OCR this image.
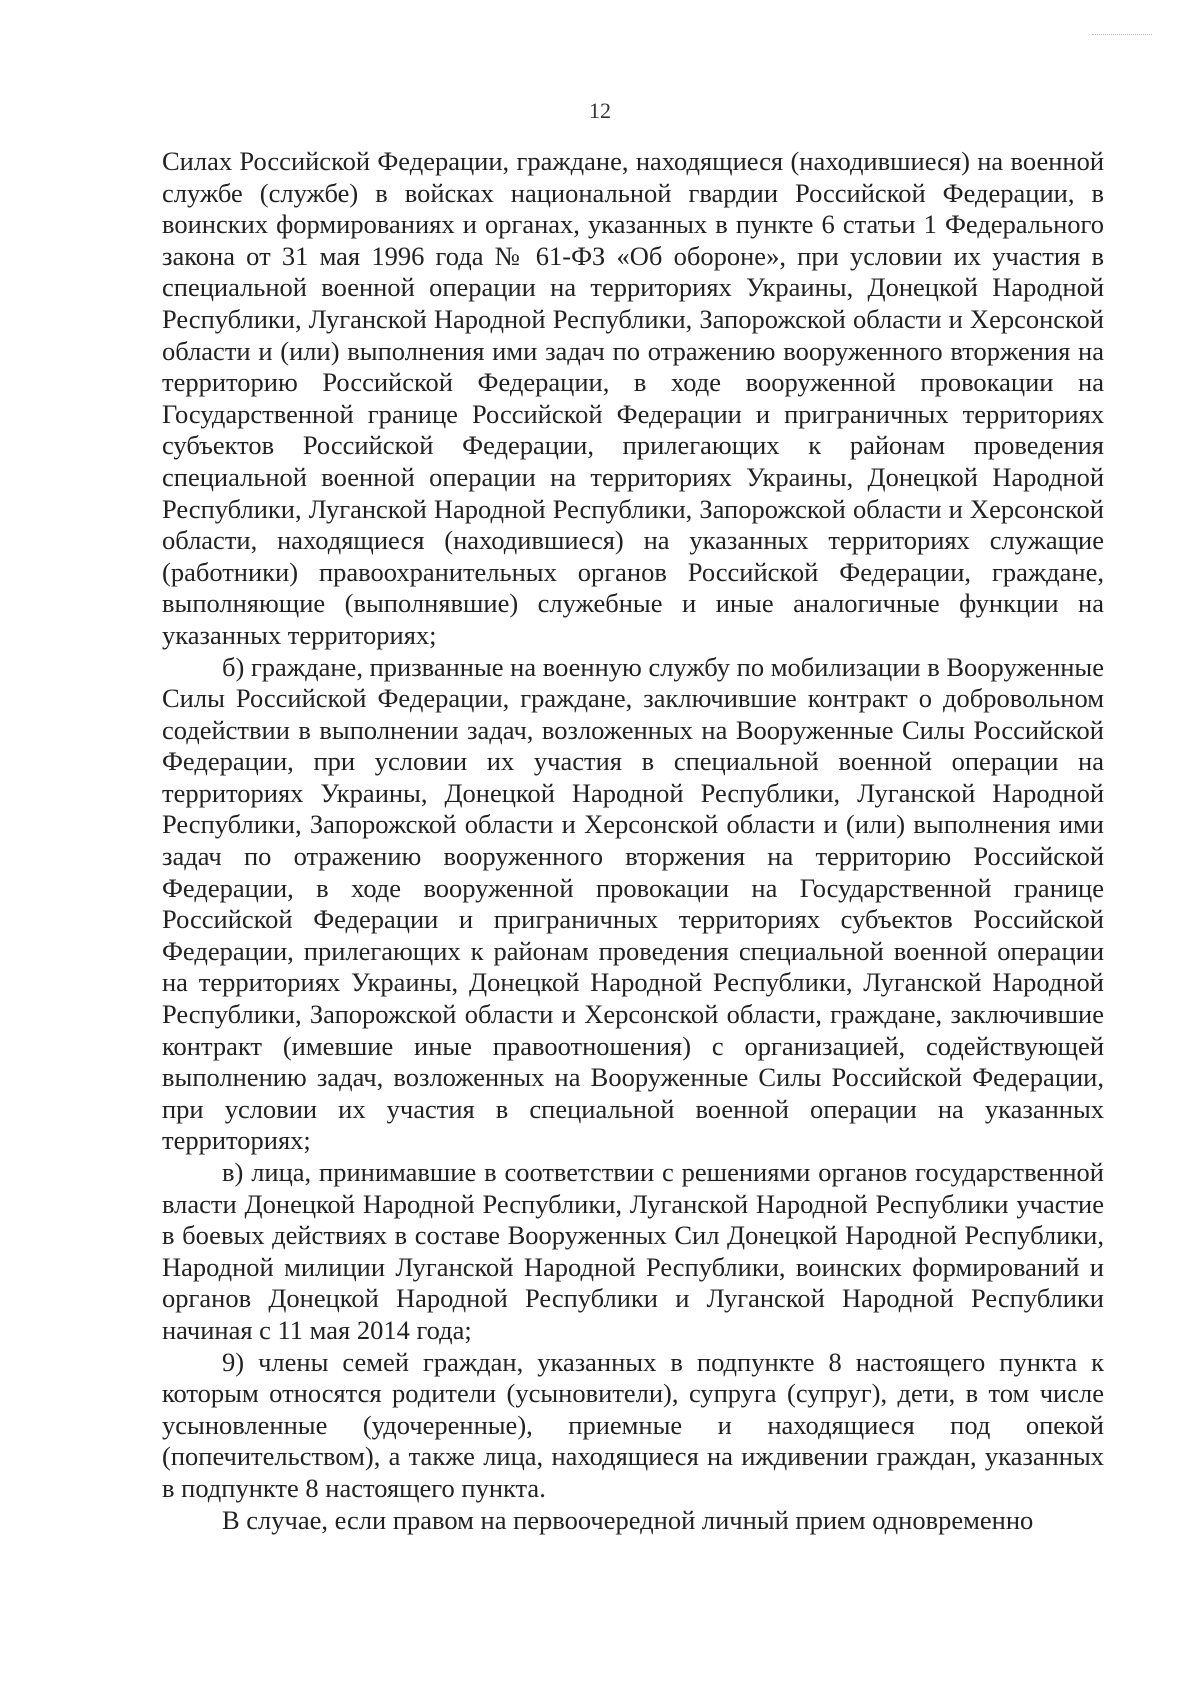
12

Силах Российской Федерации, граждане, находящиеся (находившиеся) на военной службе (службе) в войсках национальной гвардии Российской Федерации, в воинских формированиях и органах, указанных в пункте 6 статьи 1 Федерального закона от 31 мая 1996 года № 61-ФЗ «Об обороне», при условии их участия в специальной военной операции на территориях Украины, Донецкой Народной Республики, Луганской Народной Республики, Запорожской области и Херсонской области и (или) выполнения ими задач по отражению вооруженного вторжения на территорию Российской Федерации, в ходе вооруженной провокации на Государственной границе Российской Федерации и приграничных территориях субъектов Российской Федерации, прилегающих к районам проведения специальной военной операции на территориях Украины, Донецкой Народной Республики, Луганской Народной Республики, Запорожской области и Херсонской области, находящиеся (находившиеся) на указанных территориях служащие (работники) правоохранительных органов Российской Федерации, граждане, выполняющие (выполнявшие) служебные и иные аналогичные функции на указанных территориях;

б) граждане, призванные на военную службу по мобилизации в Вооруженные Силы Российской Федерации, граждане, заключившие контракт о добровольном содействии в выполнении задач, возложенных на Вооруженные Силы Российской Федерации, при условии их участия в специальной военной операции на территориях Украины, Донецкой Народной Республики, Луганской Народной Республики, Запорожской области и Херсонской области и (или) выполнения ими задач по отражению вооруженного вторжения на территорию Российской Федерации, в ходе вооруженной провокации на Государственной границе Российской Федерации и приграничных территориях субъектов Российской Федерации, прилегающих к районам проведения специальной военной операции на территориях Украины, Донецкой Народной Республики, Луганской Народной Республики, Запорожской области и Херсонской области, граждане, заключившие контракт (имевшие иные правоотношения) с организацией, содействующей выполнению задач, возложенных на Вооруженные Силы Российской Федерации, при условии их участия в специальной военной операции на указанных территориях;

в) лица, принимавшие в соответствии с решениями органов государственной власти Донецкой Народной Республики, Луганской Народной Республики участие в боевых действиях в составе Вооруженных Сил Донецкой Народной Республики, Народной милиции Луганской Народной Республики, воинских формирований и органов Донецкой Народной Республики и Луганской Народной Республики начиная с 11 мая 2014 года;

9) члены семей граждан, указанных в подпункте 8 настоящего пункта к которым относятся родители (усыновители), супруга (супруг), дети, в том числе усыновленные (удочеренные), приемные и находящиеся под опекой (попечительством), а также лица, находящиеся на иждивении граждан, указанных в подпункте 8 настоящего пункта.

В случае, если правом на первоочередной личный прием одновременно
